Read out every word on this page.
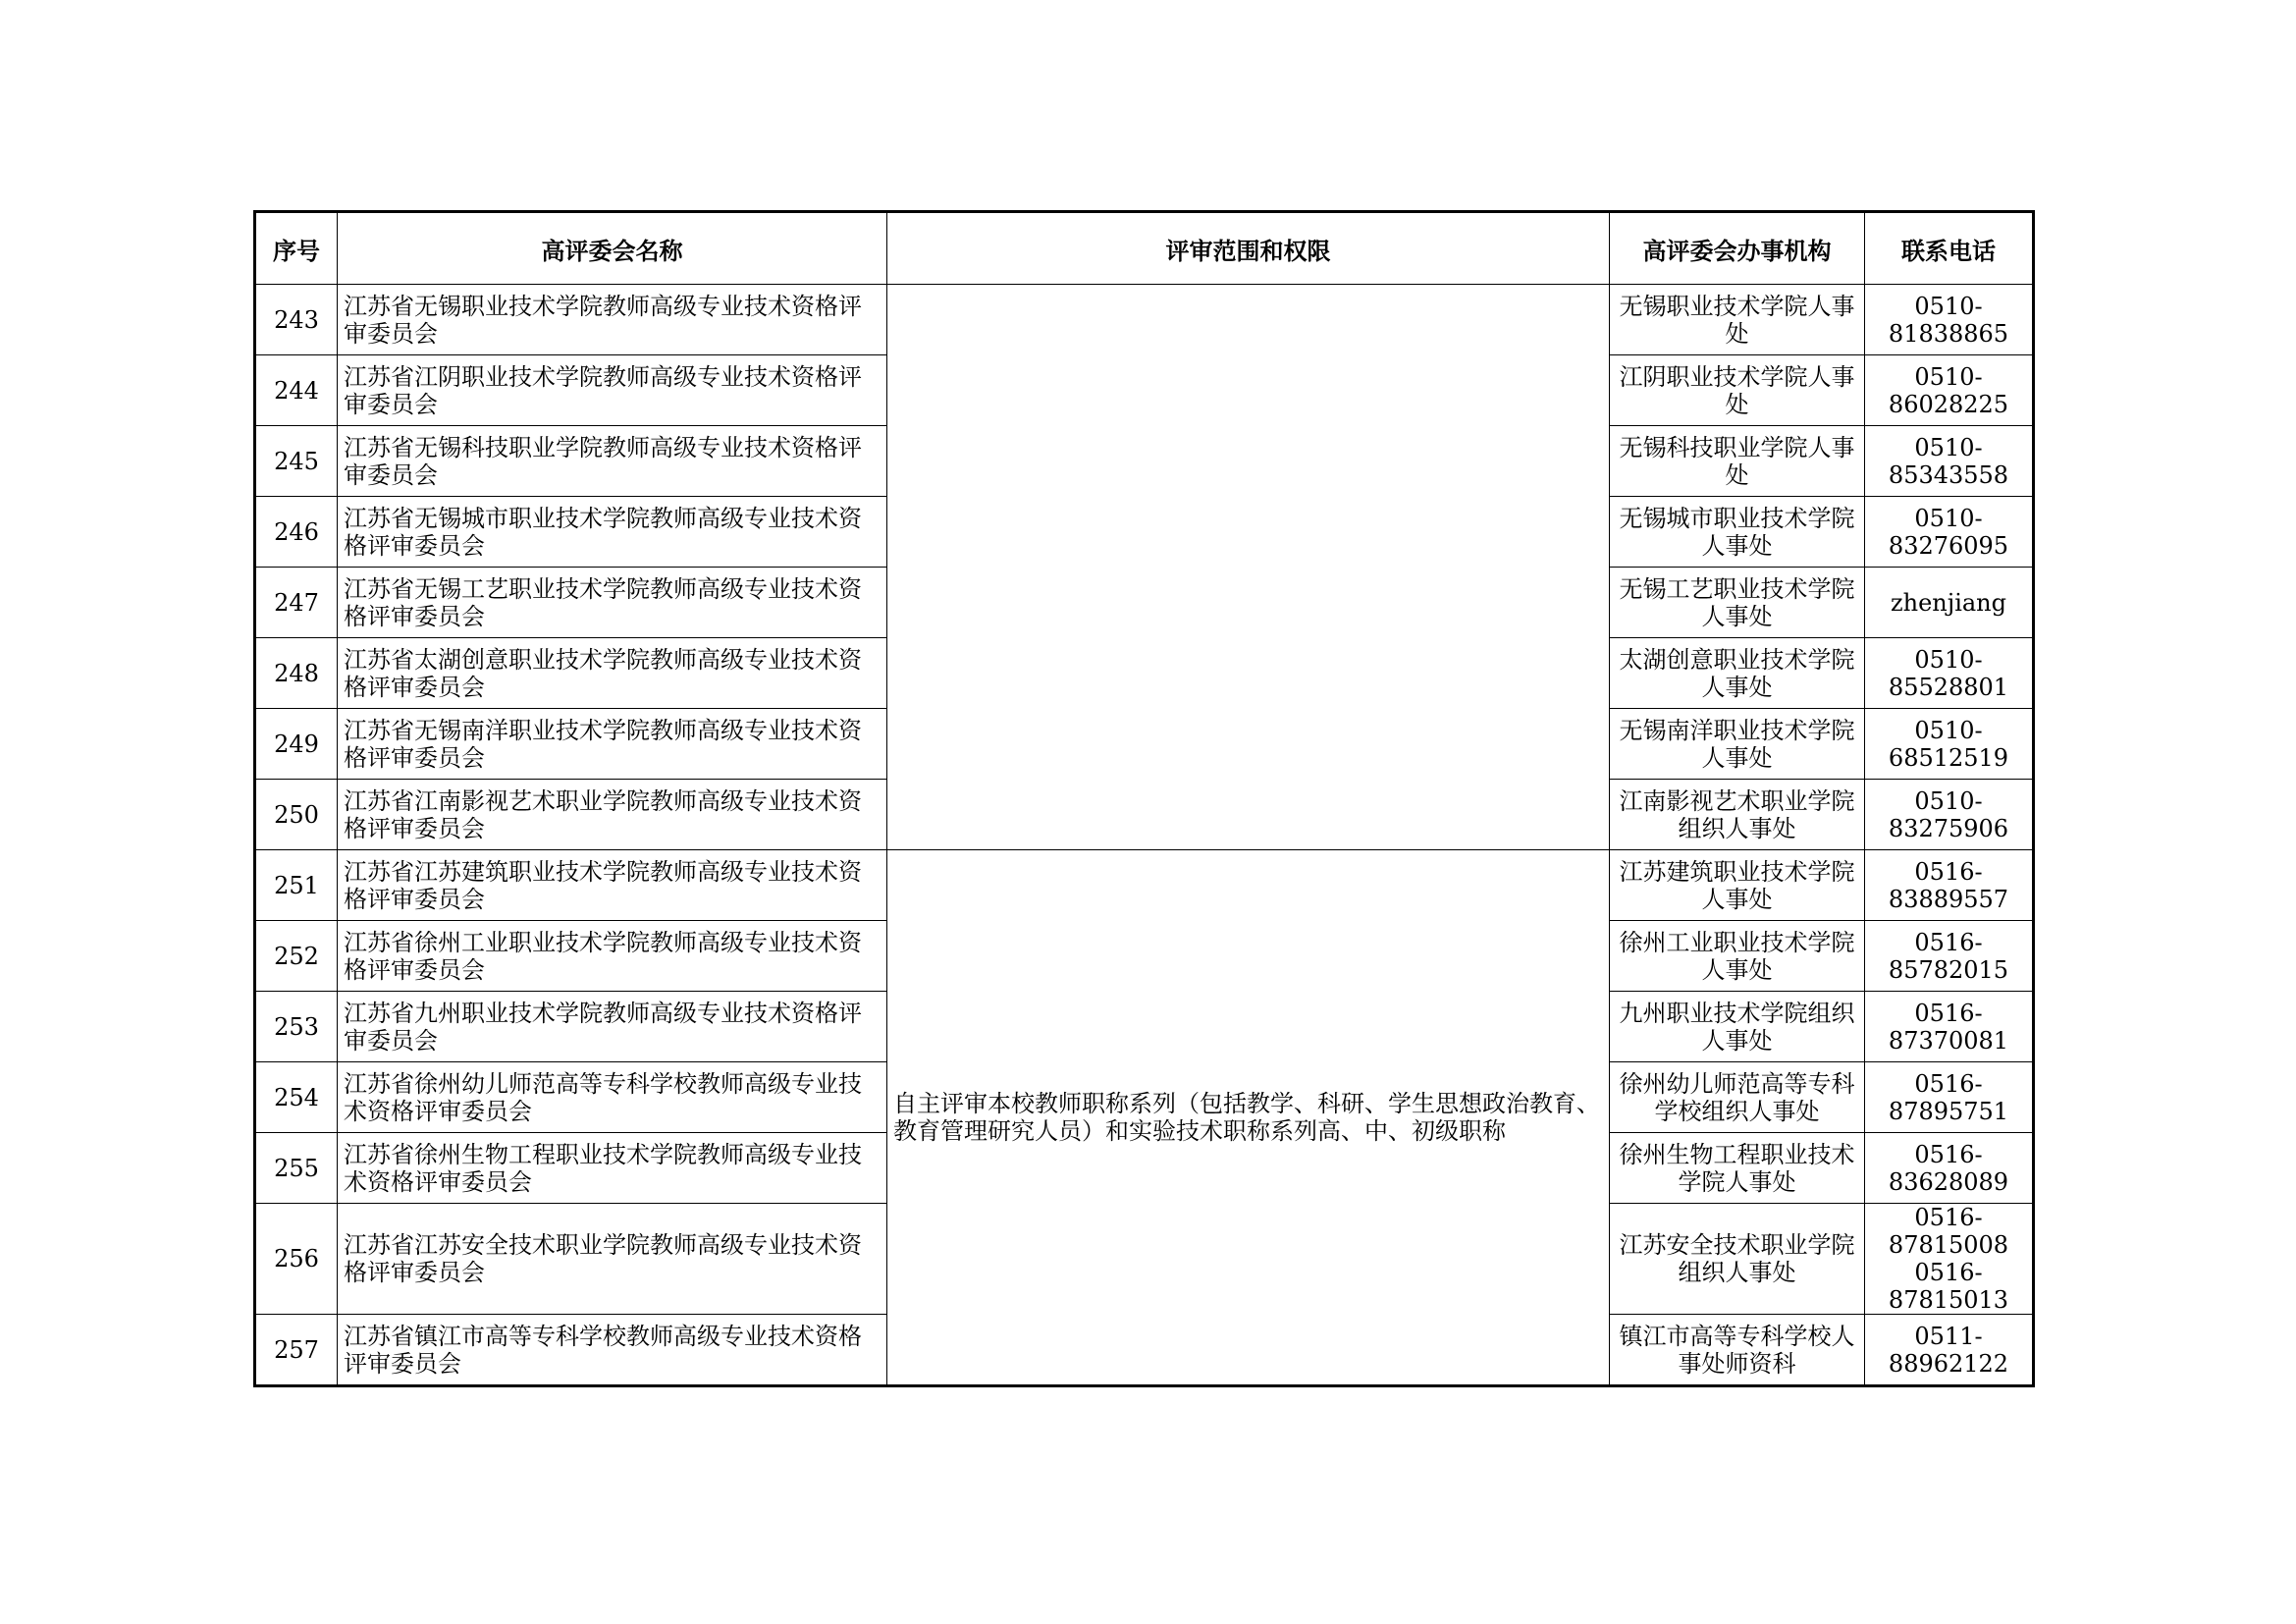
序号	高评委会名称	评审范围和权限	高评委会办事机构	联系电话
243	江苏省无锡职业技术学院教师高级专业技术资格评审委员会		无锡职业技术学院人事处	0510-81838865

244	江苏省江阴职业技术学院教师高级专业技术资格评审委员会		江阴职业技术学院人事处	0510-86028225

245	江苏省无锡科技职业学院教师高级专业技术资格评审委员会		无锡科技职业学院人事处	0510-85343558

246	江苏省无锡城市职业技术学院教师高级专业技术资格评审委员会		无锡城市职业技术学院人事处	0510-83276095

247	江苏省无锡工艺职业技术学院教师高级专业技术资格评审委员会		无锡工艺职业技术学院人事处	zhenjiang

248	江苏省太湖创意职业技术学院教师高级专业技术资格评审委员会		太湖创意职业技术学院人事处	0510-85528801

249	江苏省无锡南洋职业技术学院教师高级专业技术资格评审委员会		无锡南洋职业技术学院人事处	0510-68512519

250	江苏省江南影视艺术职业学院教师高级专业技术资格评审委员会		江南影视艺术职业学院组织人事处	0510-83275906

251	江苏省江苏建筑职业技术学院教师高级专业技术资格评审委员会	自主评审本校教师职称系列（包括教学、科研、学生思想政治教育、教育管理研究人员）和实验技术职称系列高、中、初级职称	江苏建筑职业技术学院人事处	0516-83889557

252	江苏省徐州工业职业技术学院教师高级专业技术资格评审委员会		徐州工业职业技术学院人事处	0516-85782015

253	江苏省九州职业技术学院教师高级专业技术资格评审委员会		九州职业技术学院组织人事处	0516-87370081

254	江苏省徐州幼儿师范高等专科学校教师高级专业技术资格评审委员会		徐州幼儿师范高等专科学校组织人事处	0516-87895751

255	江苏省徐州生物工程职业技术学院教师高级专业技术资格评审委员会		徐州生物工程职业技术学院人事处	0516-83628089

256	江苏省江苏安全技术职业学院教师高级专业技术资格评审委员会		江苏安全技术职业学院组织人事处	0516-87815008
0516-87815013

257	江苏省镇江市高等专科学校教师高级专业技术资格评审委员会		镇江市高等专科学校人事处师资科	0511-88962122
